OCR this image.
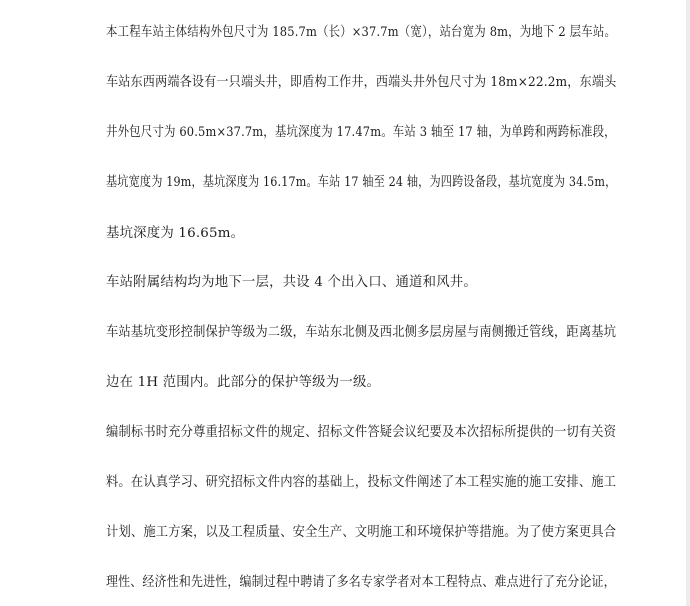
本工程车站主体结构外包尺寸为 185.7m（长）×37.7m（宽），站台宽为 8m，为地下 2 层车站。
车站东西两端各设有一只端头井，即盾构工作井，西端头井外包尺寸为 18m×22.2m，东端头
井外包尺寸为 60.5m×37.7m，基坑深度为 17.47m。车站 3 轴至 17 轴，为单跨和两跨标准段，
基坑宽度为 19m，基坑深度为 16.17m。车站 17 轴至 24 轴，为四跨设备段，基坑宽度为 34.5m，
基坑深度为 16.65m。
车站附属结构均为地下一层，共设 4 个出入口、通道和风井。
车站基坑变形控制保护等级为二级，车站东北侧及西北侧多层房屋与南侧搬迁管线，距离基坑
边在 1H 范围内。此部分的保护等级为一级。
编制标书时充分尊重招标文件的规定、招标文件答疑会议纪要及本次招标所提供的一切有关资
料。在认真学习、研究招标文件内容的基础上，投标文件阐述了本工程实施的施工安排、施工
计划、施工方案，以及工程质量、安全生产、文明施工和环境保护等措施。为了使方案更具合
理性、经济性和先进性，编制过程中聘请了多名专家学者对本工程特点、难点进行了充分论证，
